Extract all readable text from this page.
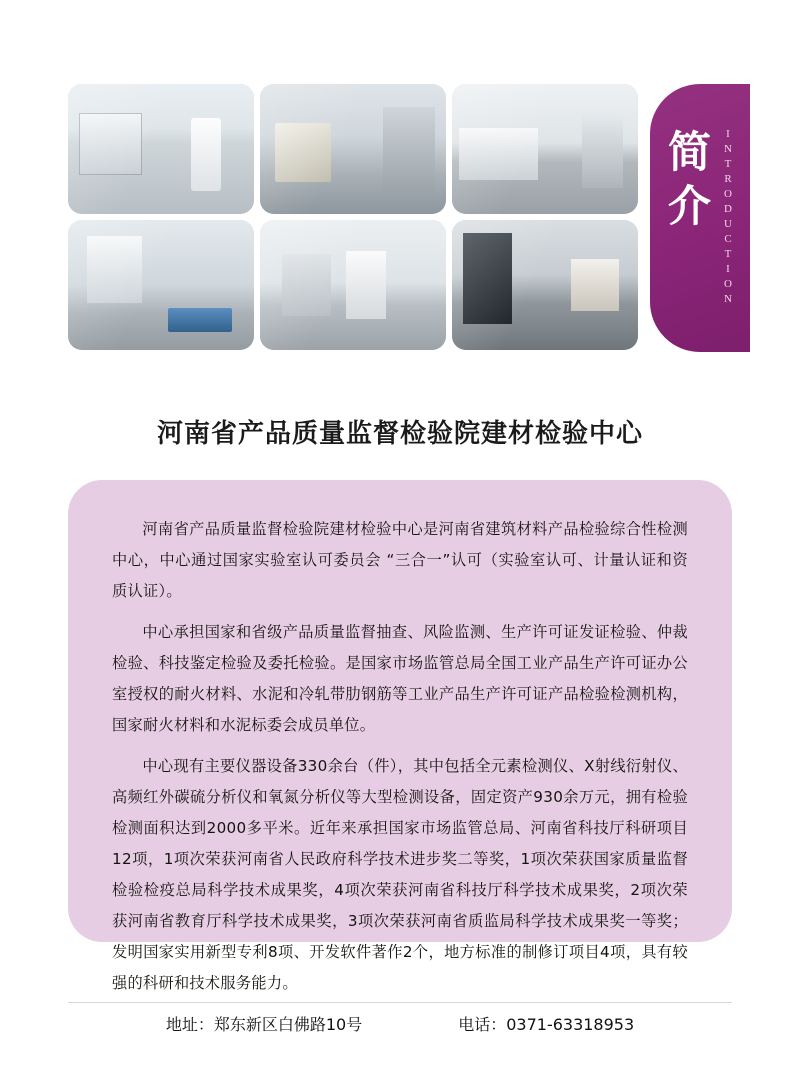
简介 INTRODUCTION
河南省产品质量监督检验院建材检验中心

河南省产品质量监督检验院建材检验中心是河南省建筑材料产品检验综合性检测中心，中心通过国家实验室认可委员会 “三合一”认可（实验室认可、计量认证和资质认证）。

中心承担国家和省级产品质量监督抽查、风险监测、生产许可证发证检验、仲裁检验、科技鉴定检验及委托检验。是国家市场监管总局全国工业产品生产许可证办公室授权的耐火材料、水泥和冷轧带肋钢筋等工业产品生产许可证产品检验检测机构，国家耐火材料和水泥标委会成员单位。

中心现有主要仪器设备330余台（件），其中包括全元素检测仪、X射线衍射仪、高频红外碳硫分析仪和氧氮分析仪等大型检测设备，固定资产930余万元，拥有检验检测面积达到2000多平米。近年来承担国家市场监管总局、河南省科技厅科研项目12项，1项次荣获河南省人民政府科学技术进步奖二等奖，1项次荣获国家质量监督检验检疫总局科学技术成果奖，4项次荣获河南省科技厅科学技术成果奖，2项次荣获河南省教育厅科学技术成果奖，3项次荣获河南省质监局科学技术成果奖一等奖；发明国家实用新型专利8项、开发软件著作2个，地方标准的制修订项目4项，具有较强的科研和技术服务能力。

地址：郑东新区白佛路10号	电话：0371-63318953
